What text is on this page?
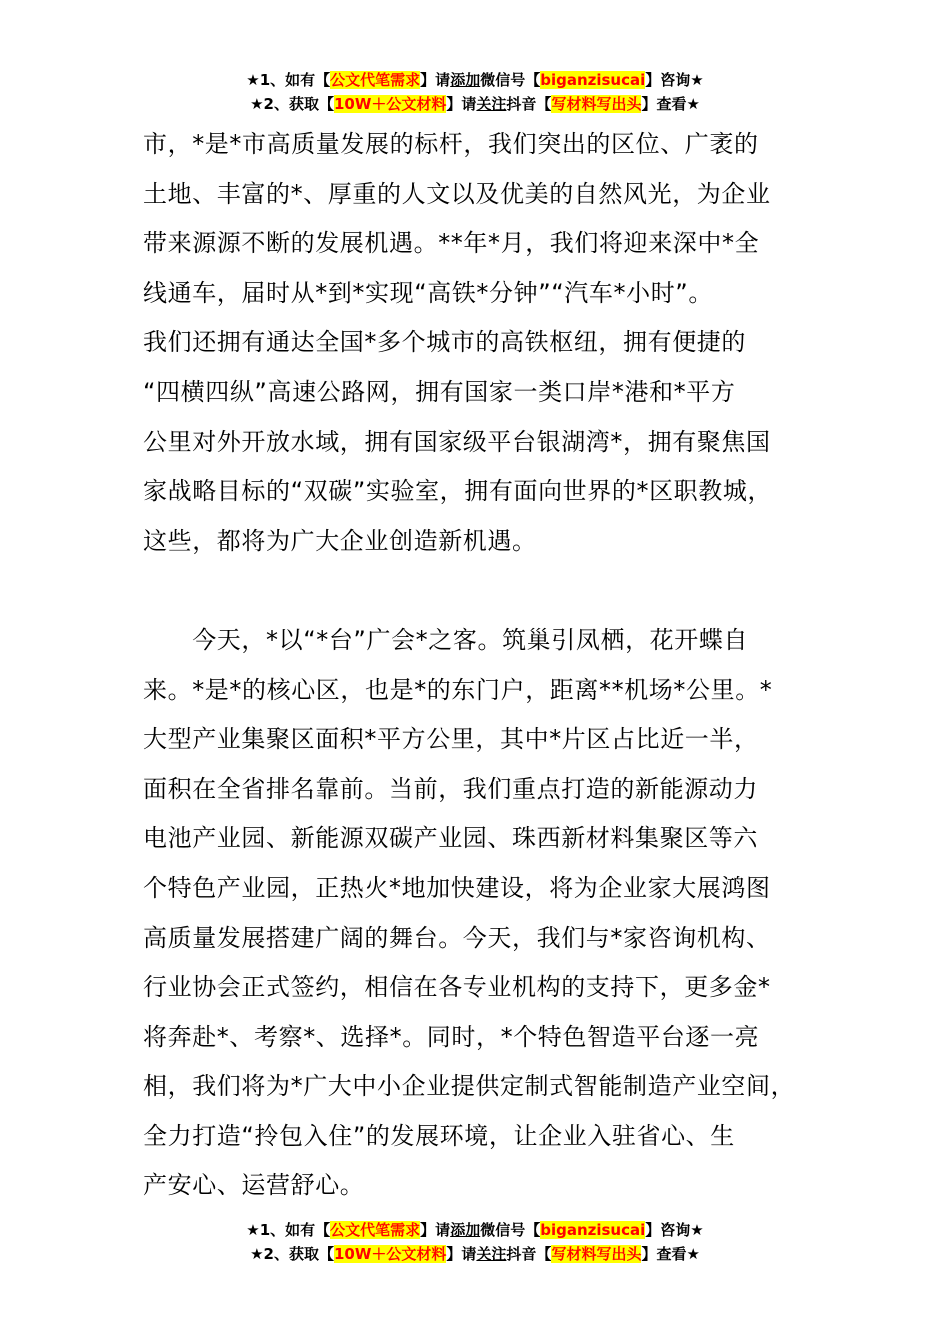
★1、如有【公文代笔需求】请添加微信号【biganzisucai】咨询★
★2、获取【10W＋公文材料】请关注抖音【写材料写出头】查看★

市，*是*市高质量发展的标杆，我们突出的区位、广袤的
土地、丰富的*、厚重的人文以及优美的自然风光，为企业
带来源源不断的发展机遇。**年*月，我们将迎来深中*全
线通车，届时从*到*实现“高铁*分钟”“汽车*小时”。
我们还拥有通达全国*多个城市的高铁枢纽，拥有便捷的
“四横四纵”高速公路网，拥有国家一类口岸*港和*平方
公里对外开放水域，拥有国家级平台银湖湾*，拥有聚焦国
家战略目标的“双碳”实验室，拥有面向世界的*区职教城，
这些，都将为广大企业创造新机遇。

　　今天，*以“*台”广会*之客。筑巢引凤栖，花开蝶自
来。*是*的核心区，也是*的东门户，距离**机场*公里。*
大型产业集聚区面积*平方公里，其中*片区占比近一半，
面积在全省排名靠前。当前，我们重点打造的新能源动力
电池产业园、新能源双碳产业园、珠西新材料集聚区等六
个特色产业园，正热火*地加快建设，将为企业家大展鸿图
高质量发展搭建广阔的舞台。今天，我们与*家咨询机构、
行业协会正式签约，相信在各专业机构的支持下，更多金*
将奔赴*、考察*、选择*。同时，*个特色智造平台逐一亮
相，我们将为*广大中小企业提供定制式智能制造产业空间，
全力打造“拎包入住”的发展环境，让企业入驻省心、生
产安心、运营舒心。

★1、如有【公文代笔需求】请添加微信号【biganzisucai】咨询★
★2、获取【10W＋公文材料】请关注抖音【写材料写出头】查看★
